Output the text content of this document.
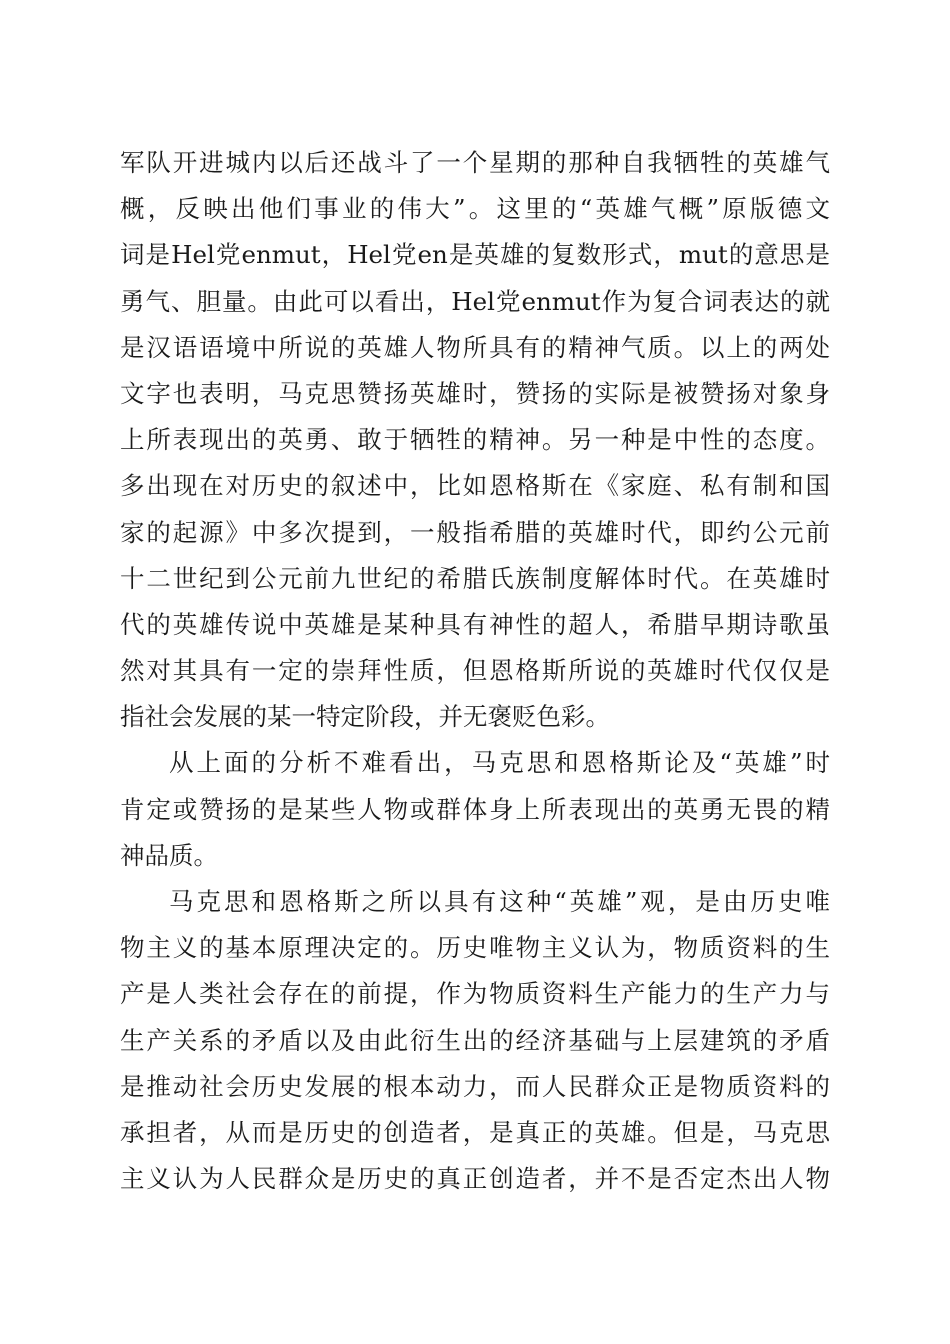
军队开进城内以后还战斗了一个星期的那种自我牺牲的英雄气
概，反映出他们事业的伟大”。这里的“英雄气概”原版德文
词是Hel党enmut，Hel党en是英雄的复数形式，mut的意思是
勇气、胆量。由此可以看出，Hel党enmut作为复合词表达的就
是汉语语境中所说的英雄人物所具有的精神气质。以上的两处
文字也表明，马克思赞扬英雄时，赞扬的实际是被赞扬对象身
上所表现出的英勇、敢于牺牲的精神。另一种是中性的态度。
多出现在对历史的叙述中，比如恩格斯在《家庭、私有制和国
家的起源》中多次提到，一般指希腊的英雄时代，即约公元前
十二世纪到公元前九世纪的希腊氏族制度解体时代。在英雄时
代的英雄传说中英雄是某种具有神性的超人，希腊早期诗歌虽
然对其具有一定的崇拜性质，但恩格斯所说的英雄时代仅仅是
指社会发展的某一特定阶段，并无褒贬色彩。
从上面的分析不难看出，马克思和恩格斯论及“英雄”时
肯定或赞扬的是某些人物或群体身上所表现出的英勇无畏的精
神品质。
马克思和恩格斯之所以具有这种“英雄”观，是由历史唯
物主义的基本原理决定的。历史唯物主义认为，物质资料的生
产是人类社会存在的前提，作为物质资料生产能力的生产力与
生产关系的矛盾以及由此衍生出的经济基础与上层建筑的矛盾
是推动社会历史发展的根本动力，而人民群众正是物质资料的
承担者，从而是历史的创造者，是真正的英雄。但是，马克思
主义认为人民群众是历史的真正创造者，并不是否定杰出人物
